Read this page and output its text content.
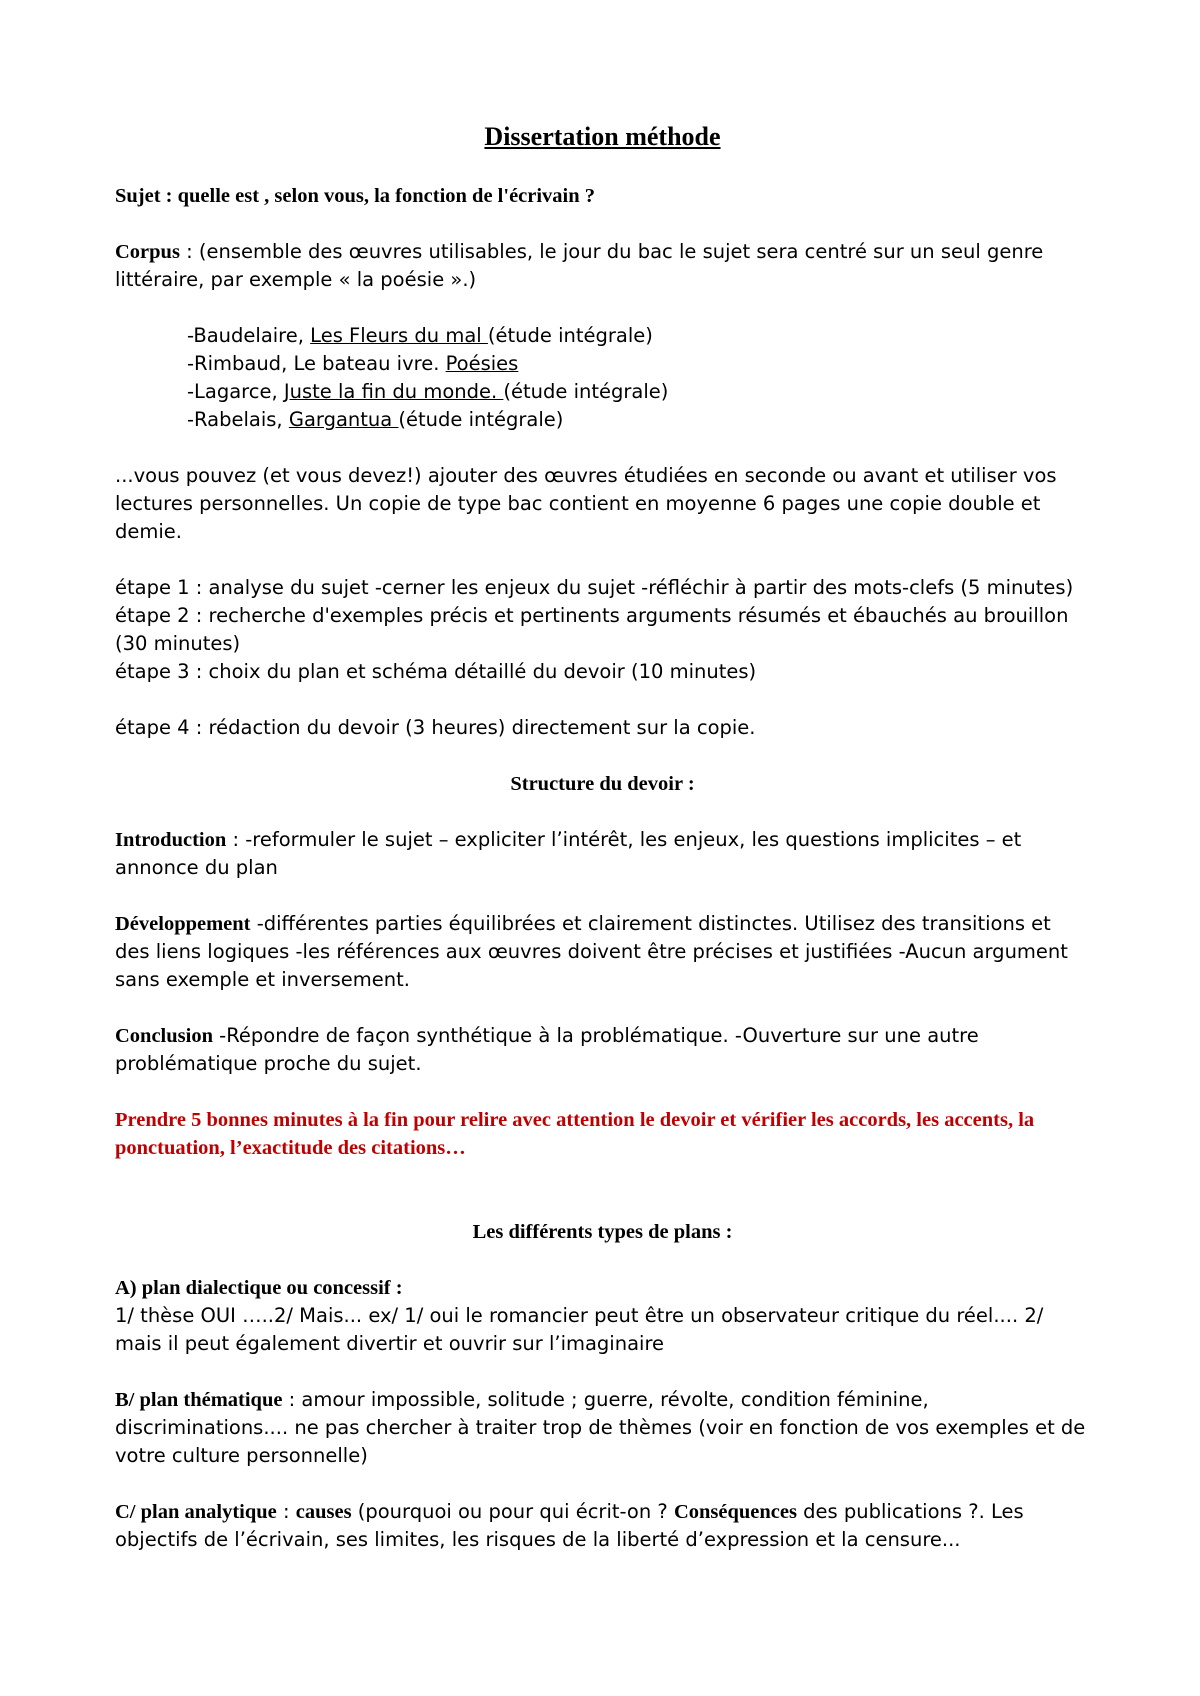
Dissertation méthode

Sujet : quelle est , selon vous, la fonction de l'écrivain ?

Corpus : (ensemble des œuvres utilisables, le jour du bac le sujet sera centré sur un seul genre littéraire, par exemple « la poésie ».)

-Baudelaire, Les Fleurs du mal (étude intégrale)

-Rimbaud, Le bateau ivre. Poésies

-Lagarce, Juste la fin du monde. (étude intégrale)

-Rabelais, Gargantua (étude intégrale)

...vous pouvez (et vous devez!) ajouter des œuvres étudiées en seconde ou avant et utiliser vos lectures personnelles. Un copie de type bac contient en moyenne 6 pages une copie double et demie.

étape 1 : analyse du sujet -cerner les enjeux du sujet -réfléchir à partir des mots-clefs (5 minutes)

étape 2 : recherche d'exemples précis et pertinents arguments résumés et ébauchés au brouillon (30 minutes)

étape 3 : choix du plan et schéma détaillé du devoir (10 minutes)

étape 4 : rédaction du devoir (3 heures) directement sur la copie.

Structure du devoir :

Introduction : -reformuler le sujet – expliciter l’intérêt, les enjeux, les questions implicites – et annonce du plan

Développement -différentes parties équilibrées et clairement distinctes. Utilisez des transitions et des liens logiques -les références aux œuvres doivent être précises et justifiées -Aucun argument sans exemple et inversement.

Conclusion -Répondre de façon synthétique à la problématique. -Ouverture sur une autre problématique proche du sujet.

Prendre 5 bonnes minutes à la fin pour relire avec attention le devoir et vérifier les accords, les accents, la ponctuation, l’exactitude des citations…

Les différents types de plans :

A) plan dialectique ou concessif :

1/ thèse OUI …..2/ Mais... ex/ 1/ oui le romancier peut être un observateur critique du réel.... 2/ mais il peut également divertir et ouvrir sur l’imaginaire

B/ plan thématique : amour impossible, solitude ; guerre, révolte, condition féminine, discriminations.... ne pas chercher à traiter trop de thèmes (voir en fonction de vos exemples et de votre culture personnelle)

C/ plan analytique : causes (pourquoi ou pour qui écrit-on ? Conséquences des publications ?. Les objectifs de l’écrivain, ses limites, les risques de la liberté d’expression et la censure...
